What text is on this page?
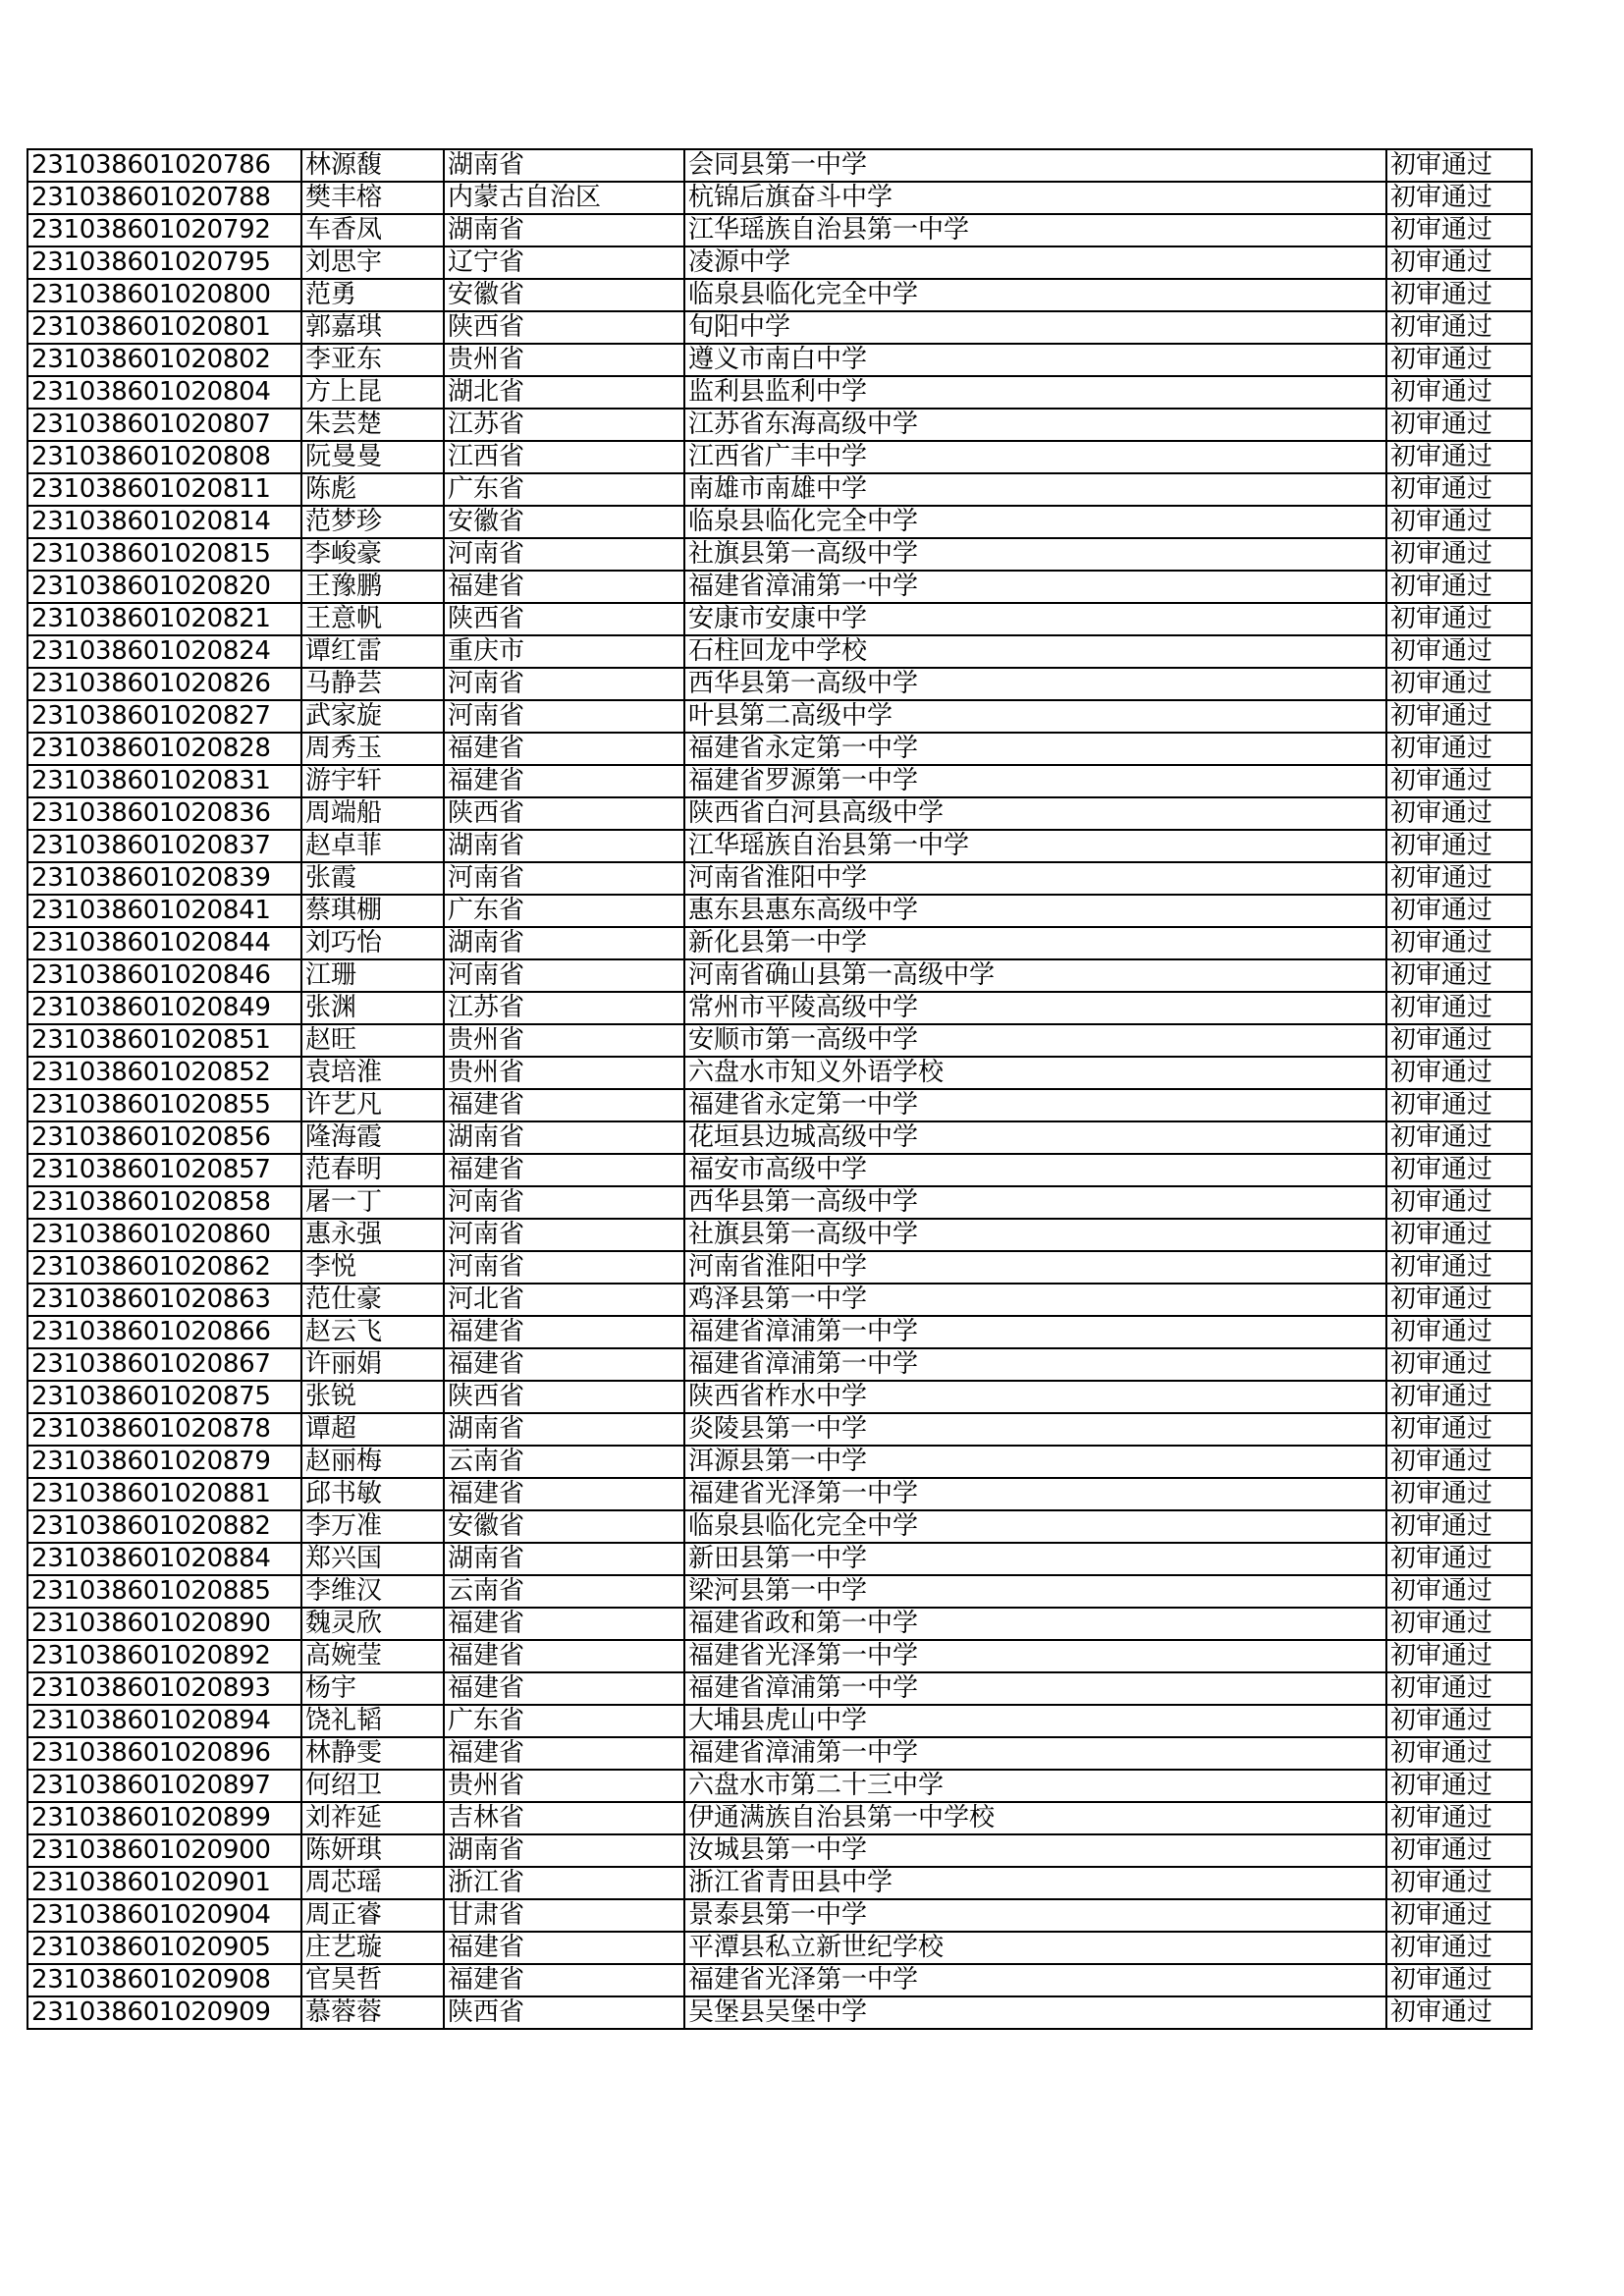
231038601020786	林源馥	湖南省	会同县第一中学	初审通过
231038601020788	樊丰榕	内蒙古自治区	杭锦后旗奋斗中学	初审通过
231038601020792	车香凤	湖南省	江华瑶族自治县第一中学	初审通过
231038601020795	刘思宇	辽宁省	凌源中学	初审通过
231038601020800	范勇	安徽省	临泉县临化完全中学	初审通过
231038601020801	郭嘉琪	陕西省	旬阳中学	初审通过
231038601020802	李亚东	贵州省	遵义市南白中学	初审通过
231038601020804	方上昆	湖北省	监利县监利中学	初审通过
231038601020807	朱芸楚	江苏省	江苏省东海高级中学	初审通过
231038601020808	阮曼曼	江西省	江西省广丰中学	初审通过
231038601020811	陈彪	广东省	南雄市南雄中学	初审通过
231038601020814	范梦珍	安徽省	临泉县临化完全中学	初审通过
231038601020815	李峻豪	河南省	社旗县第一高级中学	初审通过
231038601020820	王豫鹏	福建省	福建省漳浦第一中学	初审通过
231038601020821	王意帆	陕西省	安康市安康中学	初审通过
231038601020824	谭红雷	重庆市	石柱回龙中学校	初审通过
231038601020826	马静芸	河南省	西华县第一高级中学	初审通过
231038601020827	武家旋	河南省	叶县第二高级中学	初审通过
231038601020828	周秀玉	福建省	福建省永定第一中学	初审通过
231038601020831	游宇轩	福建省	福建省罗源第一中学	初审通过
231038601020836	周端船	陕西省	陕西省白河县高级中学	初审通过
231038601020837	赵卓菲	湖南省	江华瑶族自治县第一中学	初审通过
231038601020839	张霞	河南省	河南省淮阳中学	初审通过
231038601020841	蔡琪棚	广东省	惠东县惠东高级中学	初审通过
231038601020844	刘巧怡	湖南省	新化县第一中学	初审通过
231038601020846	江珊	河南省	河南省确山县第一高级中学	初审通过
231038601020849	张渊	江苏省	常州市平陵高级中学	初审通过
231038601020851	赵旺	贵州省	安顺市第一高级中学	初审通过
231038601020852	袁培淮	贵州省	六盘水市知义外语学校	初审通过
231038601020855	许艺凡	福建省	福建省永定第一中学	初审通过
231038601020856	隆海霞	湖南省	花垣县边城高级中学	初审通过
231038601020857	范春明	福建省	福安市高级中学	初审通过
231038601020858	屠一丁	河南省	西华县第一高级中学	初审通过
231038601020860	惠永强	河南省	社旗县第一高级中学	初审通过
231038601020862	李悦	河南省	河南省淮阳中学	初审通过
231038601020863	范仕豪	河北省	鸡泽县第一中学	初审通过
231038601020866	赵云飞	福建省	福建省漳浦第一中学	初审通过
231038601020867	许丽娟	福建省	福建省漳浦第一中学	初审通过
231038601020875	张锐	陕西省	陕西省柞水中学	初审通过
231038601020878	谭超	湖南省	炎陵县第一中学	初审通过
231038601020879	赵丽梅	云南省	洱源县第一中学	初审通过
231038601020881	邱书敏	福建省	福建省光泽第一中学	初审通过
231038601020882	李万准	安徽省	临泉县临化完全中学	初审通过
231038601020884	郑兴国	湖南省	新田县第一中学	初审通过
231038601020885	李维汉	云南省	梁河县第一中学	初审通过
231038601020890	魏灵欣	福建省	福建省政和第一中学	初审通过
231038601020892	高婉莹	福建省	福建省光泽第一中学	初审通过
231038601020893	杨宇	福建省	福建省漳浦第一中学	初审通过
231038601020894	饶礼韬	广东省	大埔县虎山中学	初审通过
231038601020896	林静雯	福建省	福建省漳浦第一中学	初审通过
231038601020897	何绍卫	贵州省	六盘水市第二十三中学	初审通过
231038601020899	刘祚延	吉林省	伊通满族自治县第一中学校	初审通过
231038601020900	陈妍琪	湖南省	汝城县第一中学	初审通过
231038601020901	周芯瑶	浙江省	浙江省青田县中学	初审通过
231038601020904	周正睿	甘肃省	景泰县第一中学	初审通过
231038601020905	庄艺璇	福建省	平潭县私立新世纪学校	初审通过
231038601020908	官昊哲	福建省	福建省光泽第一中学	初审通过
231038601020909	慕蓉蓉	陕西省	吴堡县吴堡中学	初审通过
